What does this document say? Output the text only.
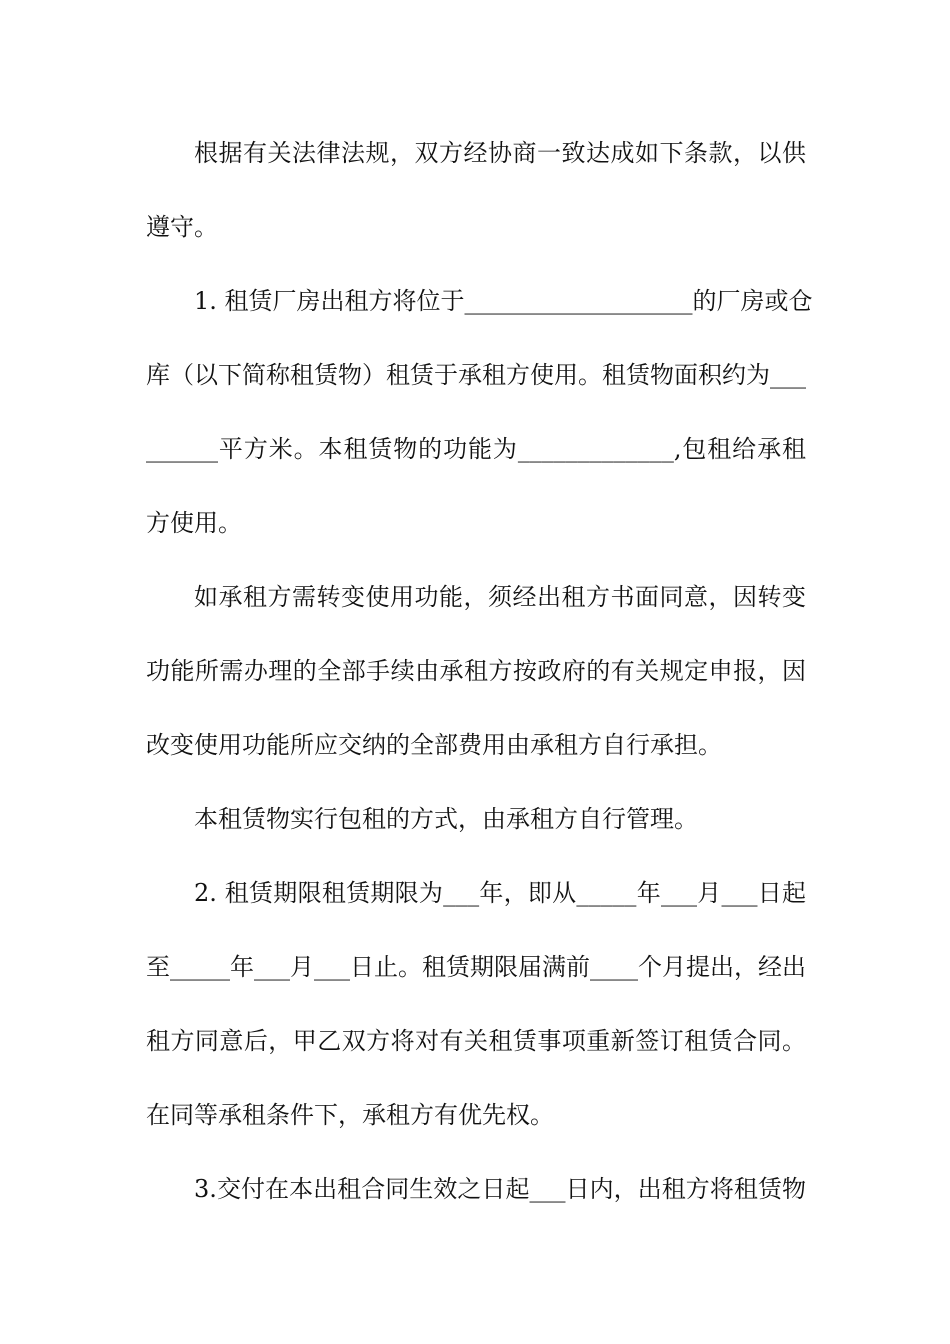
根据有关法律法规，双方经协商一致达成如下条款，以供
遵守。
1. 租赁厂房出租方将位于___________________的厂房或仓
库（以下简称租赁物）租赁于承租方使用。租赁物面积约为___
______平方米。本租赁物的功能为_____________,包租给承租
方使用。
如承租方需转变使用功能，须经出租方书面同意，因转变
功能所需办理的全部手续由承租方按政府的有关规定申报，因
改变使用功能所应交纳的全部费用由承租方自行承担。
本租赁物实行包租的方式，由承租方自行管理。
2. 租赁期限租赁期限为___年，即从_____年___月___日起
至_____年___月___日止。租赁期限届满前____个月提出，经出
租方同意后，甲乙双方将对有关租赁事项重新签订租赁合同。
在同等承租条件下，承租方有优先权。
3.交付在本出租合同生效之日起___日内，出租方将租赁物
